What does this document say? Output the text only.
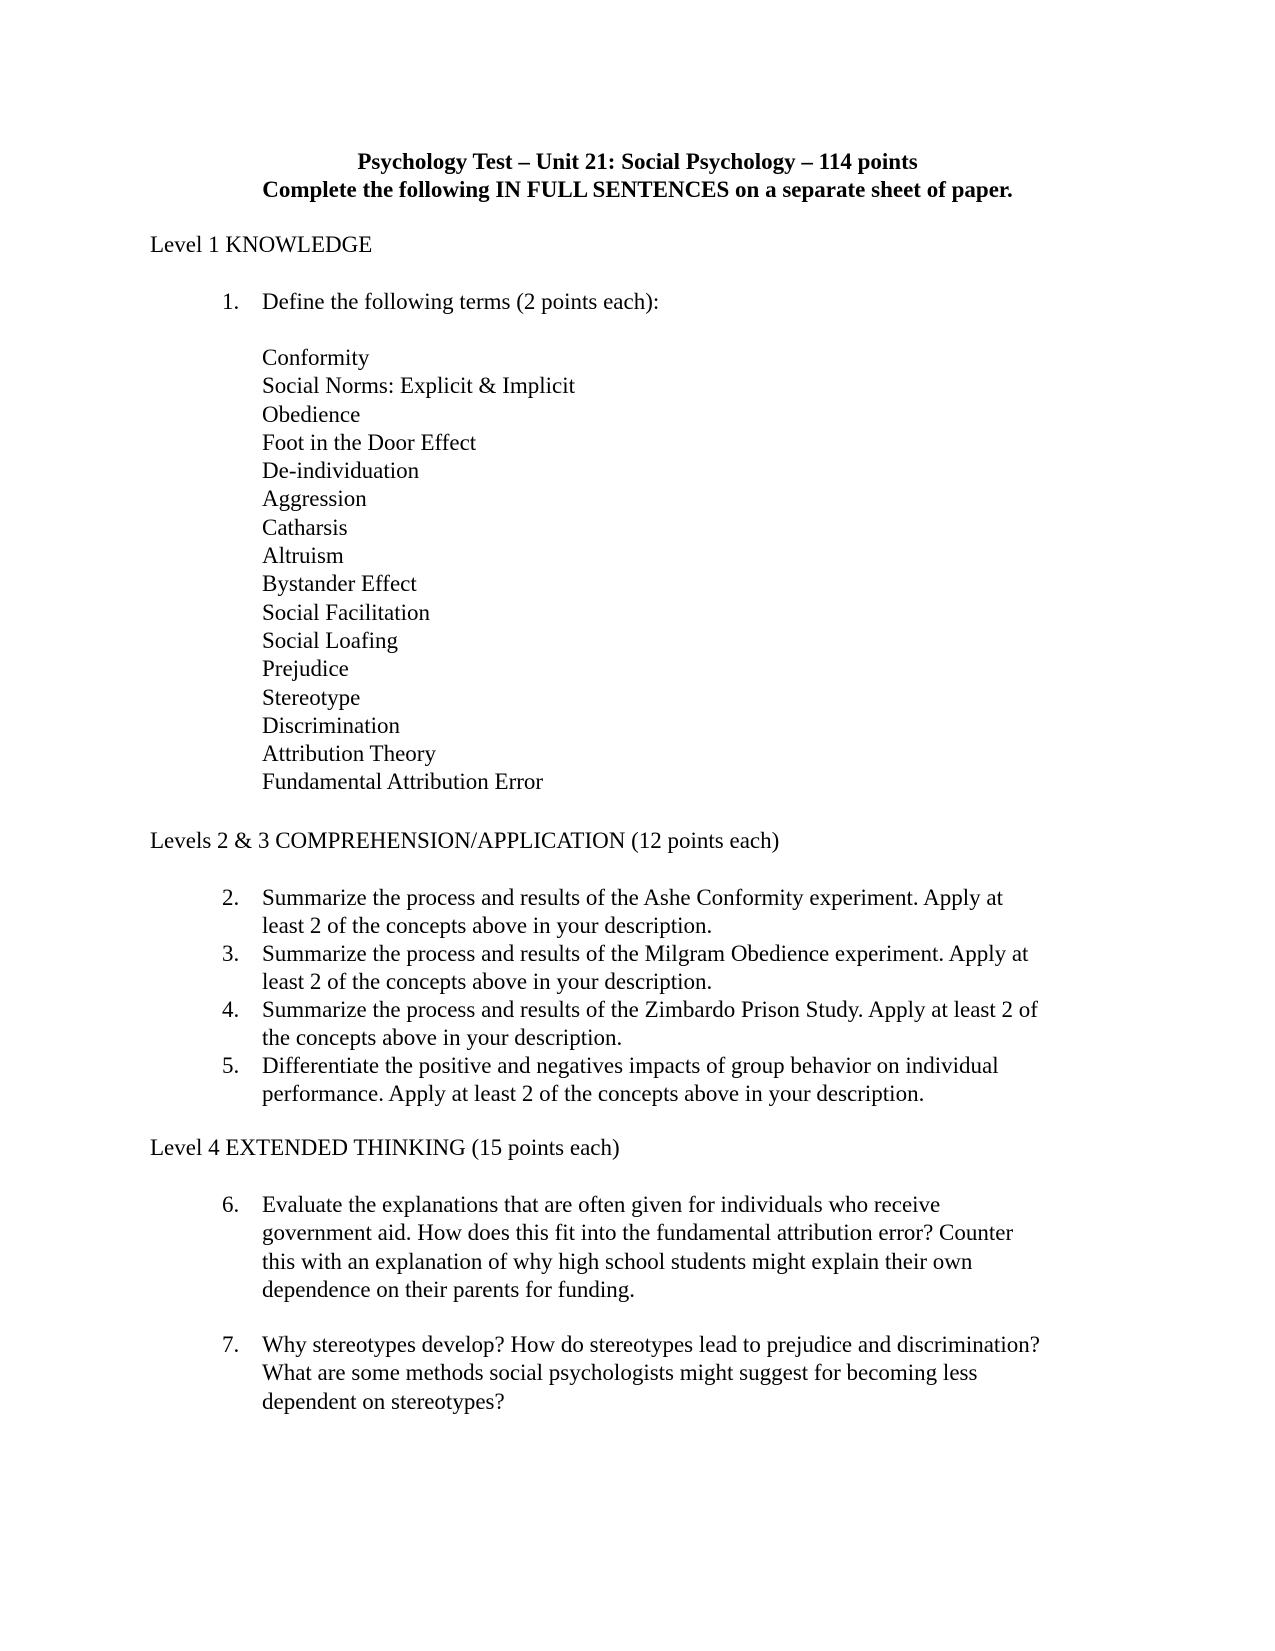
Psychology Test – Unit 21: Social Psychology – 114 points
Complete the following IN FULL SENTENCES on a separate sheet of paper.
Level 1 KNOWLEDGE
1. Define the following terms (2 points each):
Conformity
Social Norms: Explicit & Implicit
Obedience
Foot in the Door Effect
De-individuation
Aggression
Catharsis
Altruism
Bystander Effect
Social Facilitation
Social Loafing
Prejudice
Stereotype
Discrimination
Attribution Theory
Fundamental Attribution Error
Levels 2 & 3 COMPREHENSION/APPLICATION (12 points each)
2. Summarize the process and results of the Ashe Conformity experiment. Apply at
least 2 of the concepts above in your description.
3. Summarize the process and results of the Milgram Obedience experiment. Apply at
least 2 of the concepts above in your description.
4. Summarize the process and results of the Zimbardo Prison Study. Apply at least 2 of
the concepts above in your description.
5. Differentiate the positive and negatives impacts of group behavior on individual
performance. Apply at least 2 of the concepts above in your description.
Level 4 EXTENDED THINKING (15 points each)
6. Evaluate the explanations that are often given for individuals who receive
government aid. How does this fit into the fundamental attribution error? Counter
this with an explanation of why high school students might explain their own
dependence on their parents for funding.
7. Why stereotypes develop? How do stereotypes lead to prejudice and discrimination?
What are some methods social psychologists might suggest for becoming less
dependent on stereotypes?
